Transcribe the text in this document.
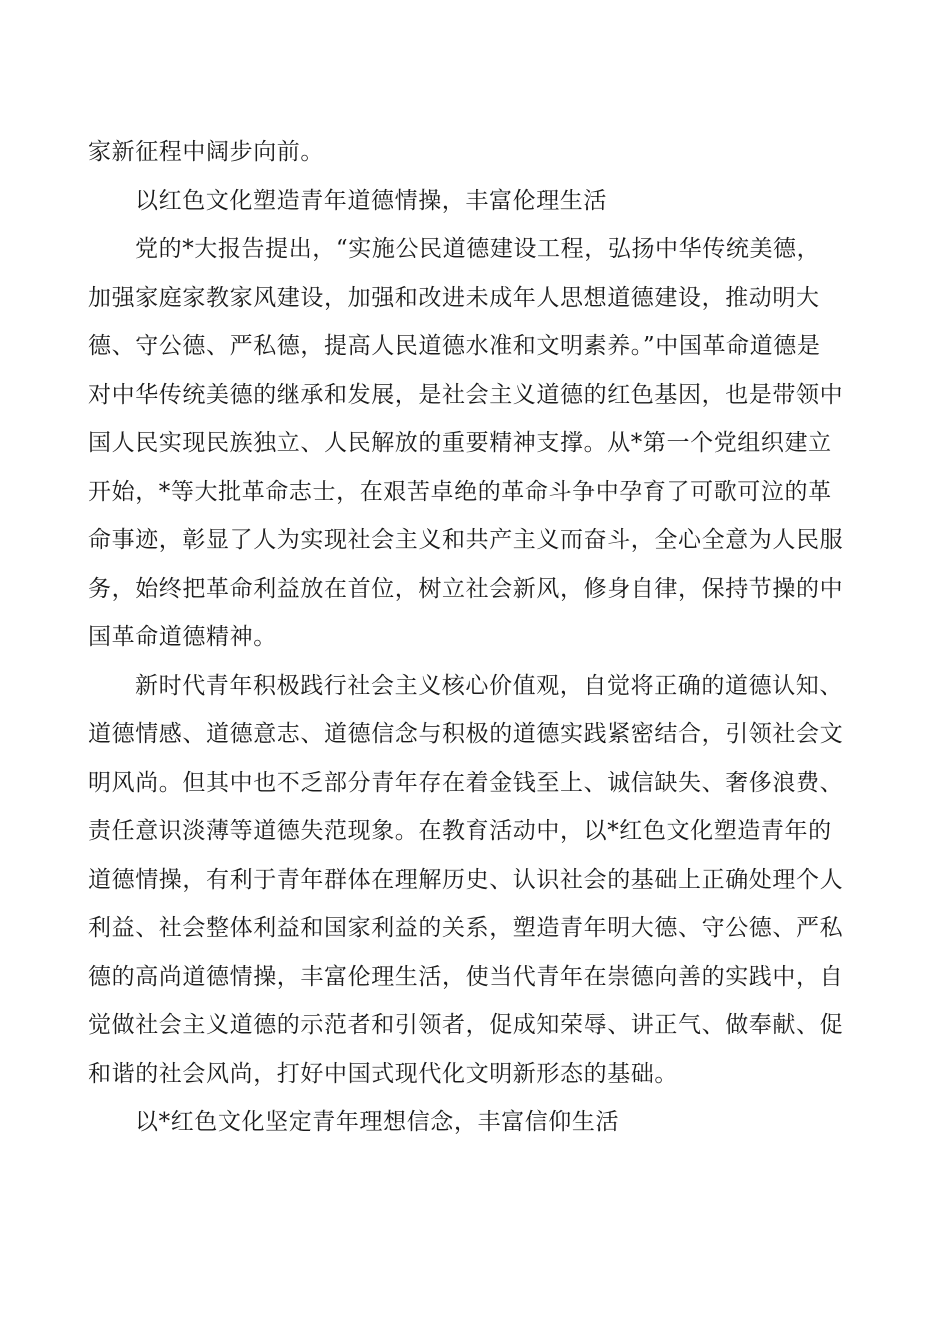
家新征程中阔步向前。
以红色文化塑造青年道德情操，丰富伦理生活
党的*大报告提出，“实施公民道德建设工程，弘扬中华传统美德，
加强家庭家教家风建设，加强和改进未成年人思想道德建设，推动明大
德、守公德、严私德，提高人民道德水准和文明素养。”中国革命道德是
对中华传统美德的继承和发展，是社会主义道德的红色基因，也是带领中
国人民实现民族独立、人民解放的重要精神支撑。从*第一个党组织建立
开始，*等大批革命志士，在艰苦卓绝的革命斗争中孕育了可歌可泣的革
命事迹，彰显了人为实现社会主义和共产主义而奋斗，全心全意为人民服
务，始终把革命利益放在首位，树立社会新风，修身自律，保持节操的中
国革命道德精神。
新时代青年积极践行社会主义核心价值观，自觉将正确的道德认知、
道德情感、道德意志、道德信念与积极的道德实践紧密结合，引领社会文
明风尚。但其中也不乏部分青年存在着金钱至上、诚信缺失、奢侈浪费、
责任意识淡薄等道德失范现象。在教育活动中，以*红色文化塑造青年的
道德情操，有利于青年群体在理解历史、认识社会的基础上正确处理个人
利益、社会整体利益和国家利益的关系，塑造青年明大德、守公德、严私
德的高尚道德情操，丰富伦理生活，使当代青年在崇德向善的实践中，自
觉做社会主义道德的示范者和引领者，促成知荣辱、讲正气、做奉献、促
和谐的社会风尚，打好中国式现代化文明新形态的基础。
以*红色文化坚定青年理想信念，丰富信仰生活
